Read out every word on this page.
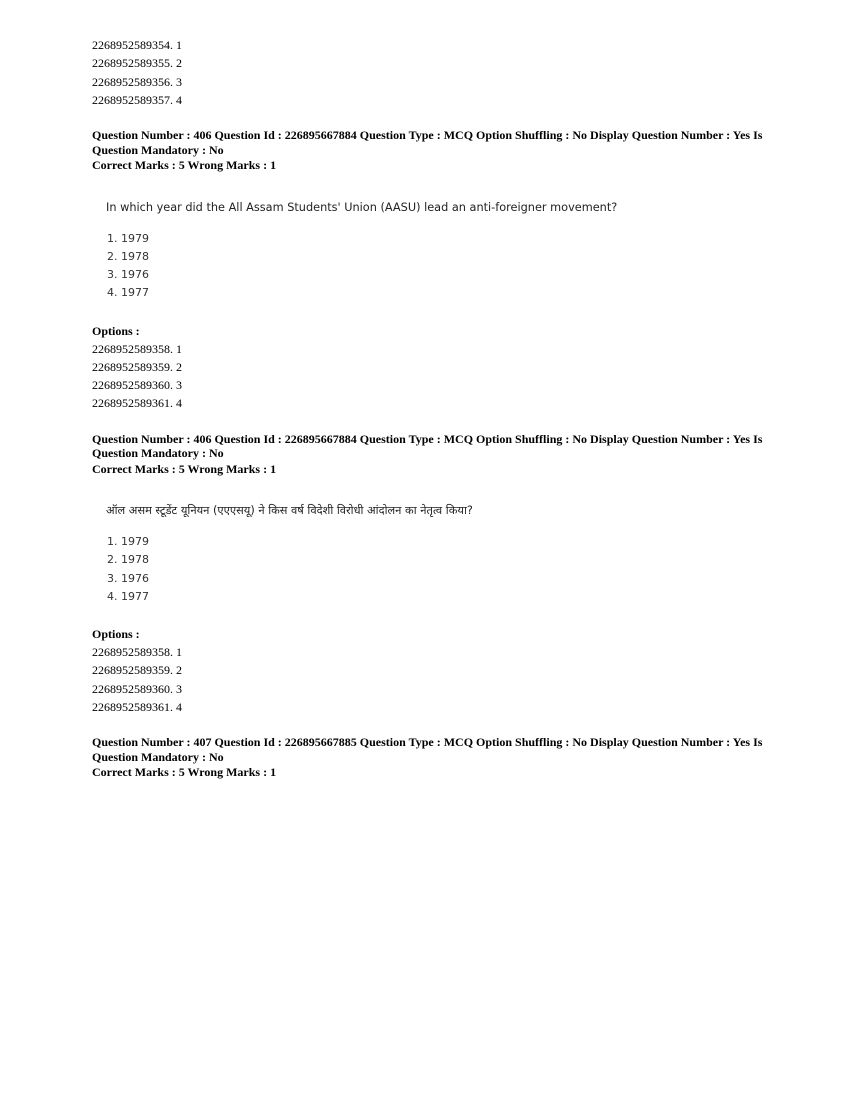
2268952589354. 1
2268952589355. 2
2268952589356. 3
2268952589357. 4
Question Number : 406 Question Id : 226895667884 Question Type : MCQ Option Shuffling : No Display Question Number : Yes Is
Question Mandatory : No
Correct Marks : 5 Wrong Marks : 1
In which year did the All Assam Students' Union (AASU) lead an anti-foreigner movement?
1. 1979
2. 1978
3. 1976
4. 1977
Options :
2268952589358. 1
2268952589359. 2
2268952589360. 3
2268952589361. 4
Question Number : 406 Question Id : 226895667884 Question Type : MCQ Option Shuffling : No Display Question Number : Yes Is
Question Mandatory : No
Correct Marks : 5 Wrong Marks : 1
ऑल असम स्टूडेंट यूनियन (एएएसयू) ने किस वर्ष विदेशी विरोधी आंदोलन का नेतृत्व किया?
1. 1979
2. 1978
3. 1976
4. 1977
Options :
2268952589358. 1
2268952589359. 2
2268952589360. 3
2268952589361. 4
Question Number : 407 Question Id : 226895667885 Question Type : MCQ Option Shuffling : No Display Question Number : Yes Is
Question Mandatory : No
Correct Marks : 5 Wrong Marks : 1
